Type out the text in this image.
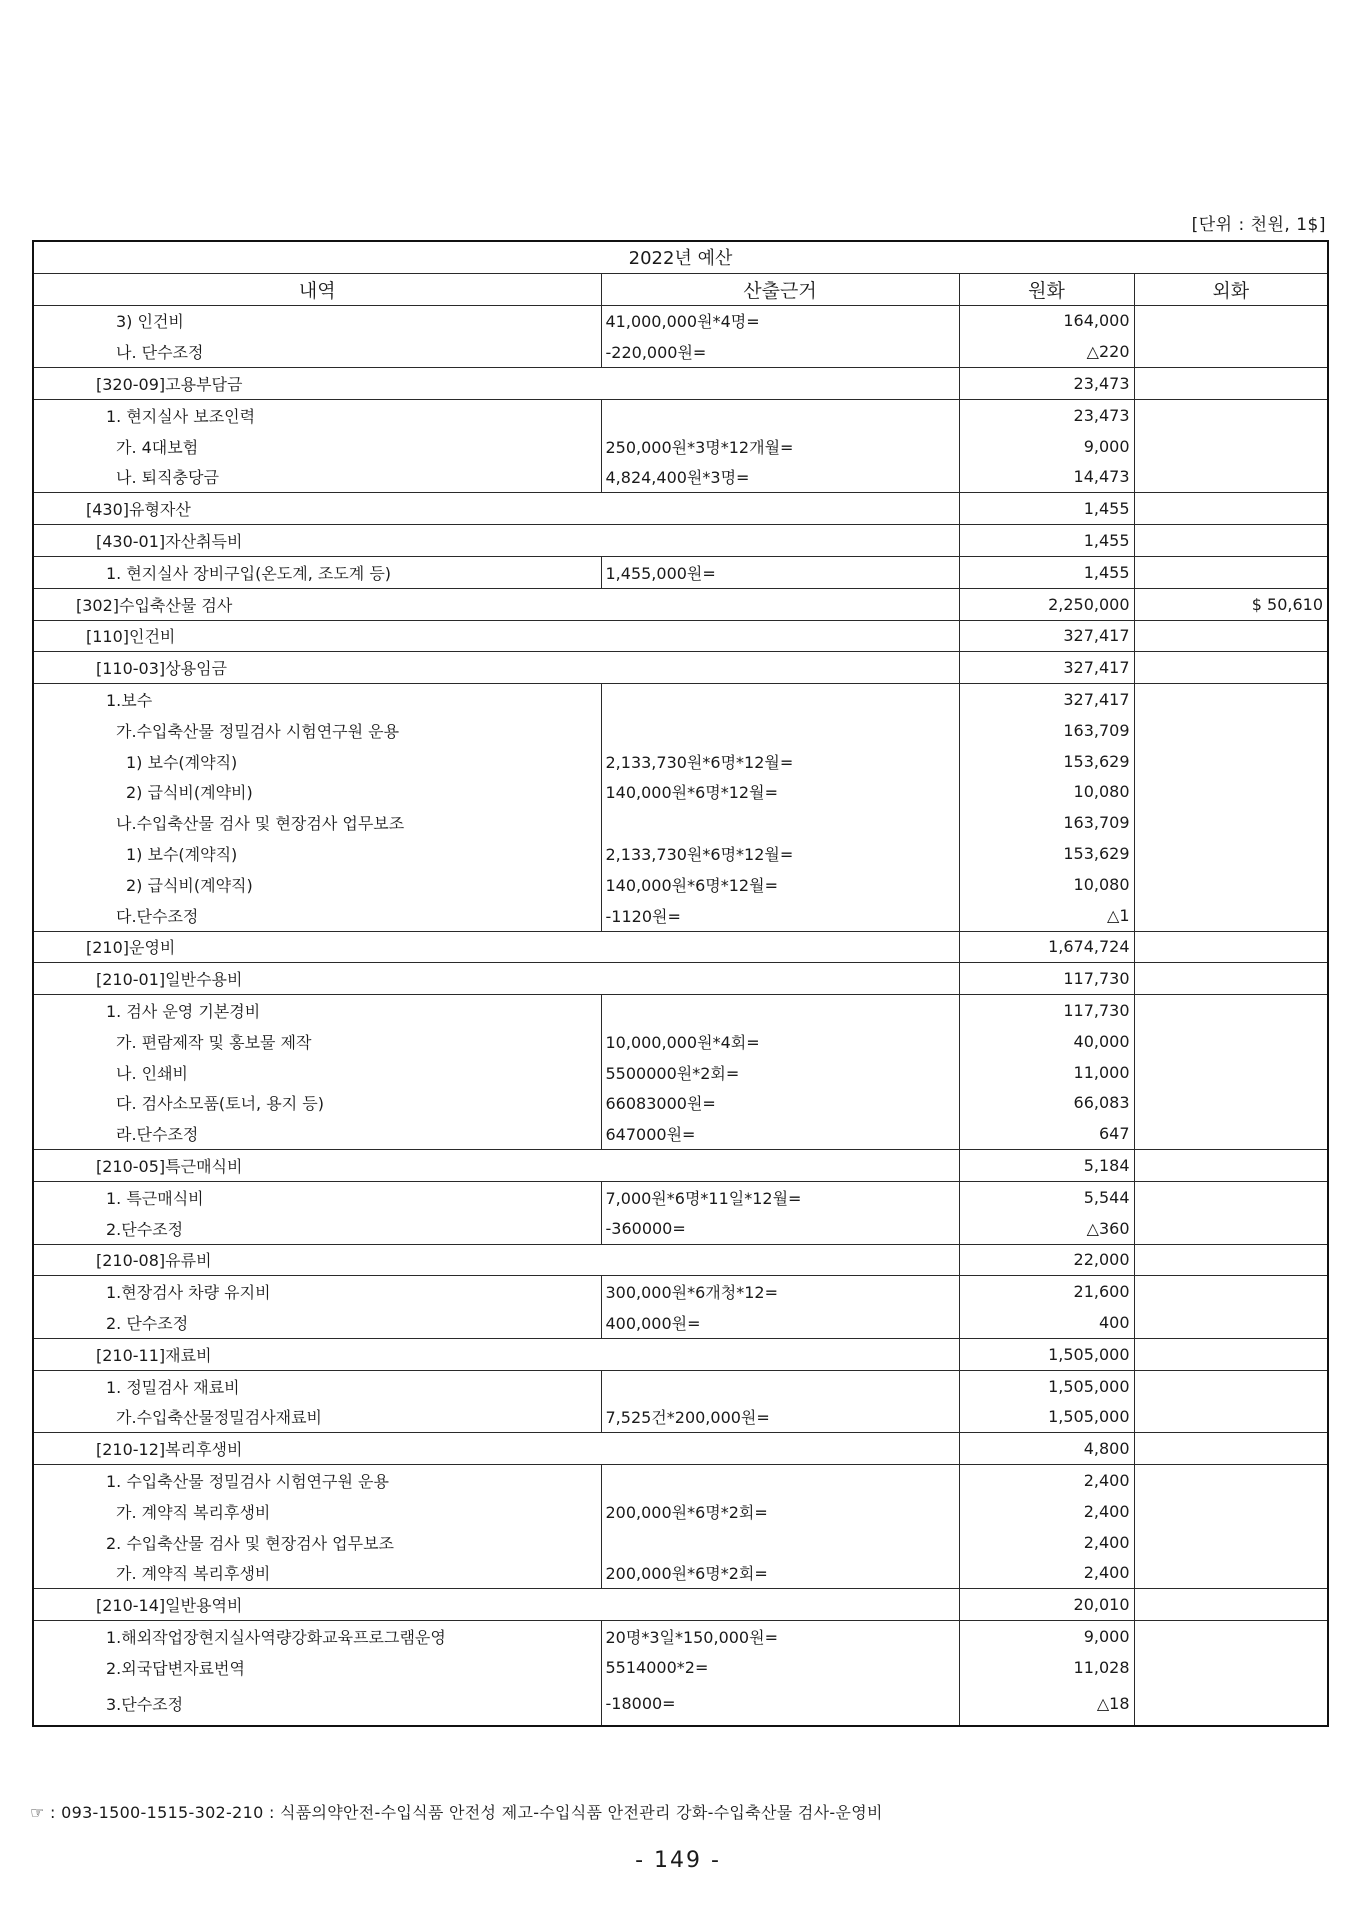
[단위 : 천원, 1$]
2022년 예산			
내역	산출근거	원화	외화
3) 인건비	41,000,000원*4명=	164,000	
나. 단수조정	-220,000원=	△220	
[320-09]고용부담금		23,473	
1. 현지실사 보조인력		23,473	
가. 4대보험	250,000원*3명*12개월=	9,000	
나. 퇴직충당금	4,824,400원*3명=	14,473	
[430]유형자산		1,455	
[430-01]자산취득비		1,455	
1. 현지실사 장비구입(온도계, 조도계 등)	1,455,000원=	1,455	
[302]수입축산물 검사		2,250,000	$ 50,610
[110]인건비		327,417	
[110-03]상용임금		327,417	
1.보수		327,417	
가.수입축산물 정밀검사 시험연구원 운용		163,709	
1) 보수(계약직)	2,133,730원*6명*12월=	153,629	
2) 급식비(계약비)	140,000원*6명*12월=	10,080	
나.수입축산물 검사 및 현장검사 업무보조		163,709	
1) 보수(계약직)	2,133,730원*6명*12월=	153,629	
2) 급식비(계약직)	140,000원*6명*12월=	10,080	
다.단수조정	-1120원=	△1	
[210]운영비		1,674,724	
[210-01]일반수용비		117,730	
1. 검사 운영 기본경비		117,730	
가. 편람제작 및 홍보물 제작	10,000,000원*4회=	40,000	
나. 인쇄비	5500000원*2회=	11,000	
다. 검사소모품(토너, 용지 등)	66083000원=	66,083	
라.단수조정	647000원=	647	
[210-05]특근매식비		5,184	
1. 특근매식비	7,000원*6명*11일*12월=	5,544	
2.단수조정	-360000=	△360	
[210-08]유류비		22,000	
1.현장검사 차량 유지비	300,000원*6개청*12=	21,600	
2. 단수조정	400,000원=	400	
[210-11]재료비		1,505,000	
1. 정밀검사 재료비		1,505,000	
가.수입축산물정밀검사재료비	7,525건*200,000원=	1,505,000	
[210-12]복리후생비		4,800	
1. 수입축산물 정밀검사 시험연구원 운용		2,400	
가. 계약직 복리후생비	200,000원*6명*2회=	2,400	
2. 수입축산물 검사 및 현장검사 업무보조		2,400	
가. 계약직 복리후생비	200,000원*6명*2회=	2,400	
[210-14]일반용역비		20,010	
1.해외작업장현지실사역량강화교육프로그램운영	20명*3일*150,000원=	9,000	
2.외국답변자료번역	5514000*2=	11,028	
3.단수조정	-18000=	△18	
☞ : 093-1500-1515-302-210 : 식품의약안전-수입식품 안전성 제고-수입식품 안전관리 강화-수입축산물 검사-운영비
- 149 -
